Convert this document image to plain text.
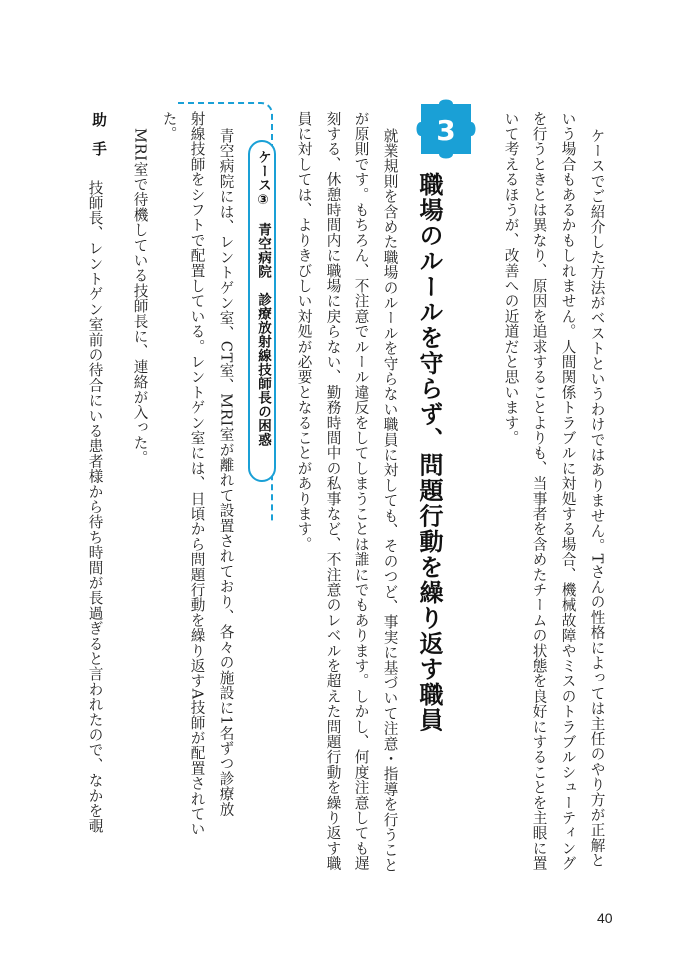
ケースでご紹介した方法がベストというわけではありません。Tさんの性格によっては主任のやり方が正解と
いう場合もあるかもしれません。人間関係トラブルに対処する場合、機械故障やミスのトラブルシューティング
を行うときとは異なり、原因を追求することよりも、当事者を含めたチームの状態を良好にすることを主眼に置
いて考えるほうが、改善への近道だと思います。
3
職場のルールを守らず、問題行動を繰り返す職員
就業規則を含めた職場のルールを守らない職員に対しても、そのつど、事実に基づいて注意・指導を行うこと
が原則です。もちろん、不注意でルール違反をしてしまうことは誰にでもあります。しかし、何度注意しても遅
刻する、休憩時間内に職場に戻らない、勤務時間中の私事など、不注意のレベルを超えた問題行動を繰り返す職
員に対しては、よりきびしい対処が必要となることがあります。
ケース③　青空病院　診療放射線技師長の困惑
青空病院には、レントゲン室、CT室、MRI室が離れて設置されており、各々の施設に1名ずつ診療放
射線技師をシフトで配置している。レントゲン室には、日頃から問題行動を繰り返すA技師が配置されてい
た。
MRI室で待機している技師長に、連絡が入った。
助　手
技師長、レントゲン室前の待合にいる患者様から待ち時間が長過ぎると言われたので、なかを覗
40
